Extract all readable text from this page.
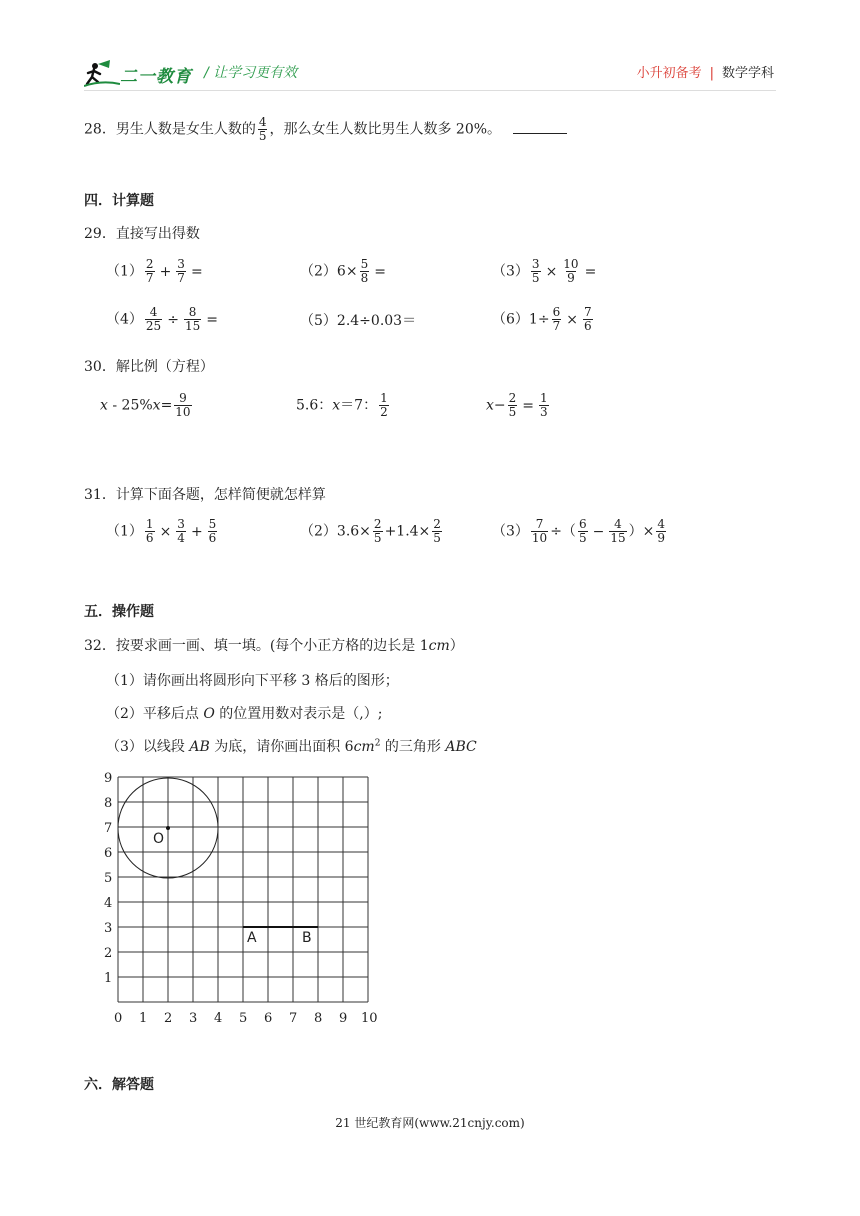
二一教育 / 让学习更有效	小升初备考 | 数学学科
28．男生人数是女生人数的 $\frac{4}{5}$ ，那么女生人数比男生人数多 20%。
四．计算题
29．直接写出得数
$(1) \frac{2}{7} + \frac{3}{7}$ =	$(2)6\times \frac{5}{8}$ =	$(3) \frac{3}{5} \times \frac{10}{9}$ =
$(4) \frac{4}{25} \div \frac{8}{15}$ =	（5）2.4÷0.03＝	$(6)1\div \frac{6}{7} \times \frac{7}{6}$
30．解比例（方程）
$x - 25\%x= \frac{9}{10}$	5.6：x＝7： $\frac{1}{2}$	$x- \frac{2}{5} = \frac{1}{3}$
31．计算下面各题，怎样简便就怎样算
$(1) \frac{1}{6} \times \frac{3}{4} + \frac{5}{6}$	$(2)3.6\times \frac{2}{5} +1.4\times \frac{2}{5}$	$(3) \frac{7}{10}$ ÷（ $\frac{6}{5} - \frac{4}{15}$ ）× $\frac{4}{9}$
五．操作题
32．按要求画一画、填一填。(每个小正方格的边长是 1cm）
（1）请你画出将圆形向下平移 3 格后的图形；
（2）平移后点 O 的位置用数对表示是（,）;
（3）以线段 AB 为底，请你画出面积 $6cm^2$ 的三角形 ABC
O
A	B
0 1 2 3 4 5 6 7 8 9 10
1
2
3
4
5
6
7
8
9
六．解答题
21 世纪教育网(www.21cnjy.com)
